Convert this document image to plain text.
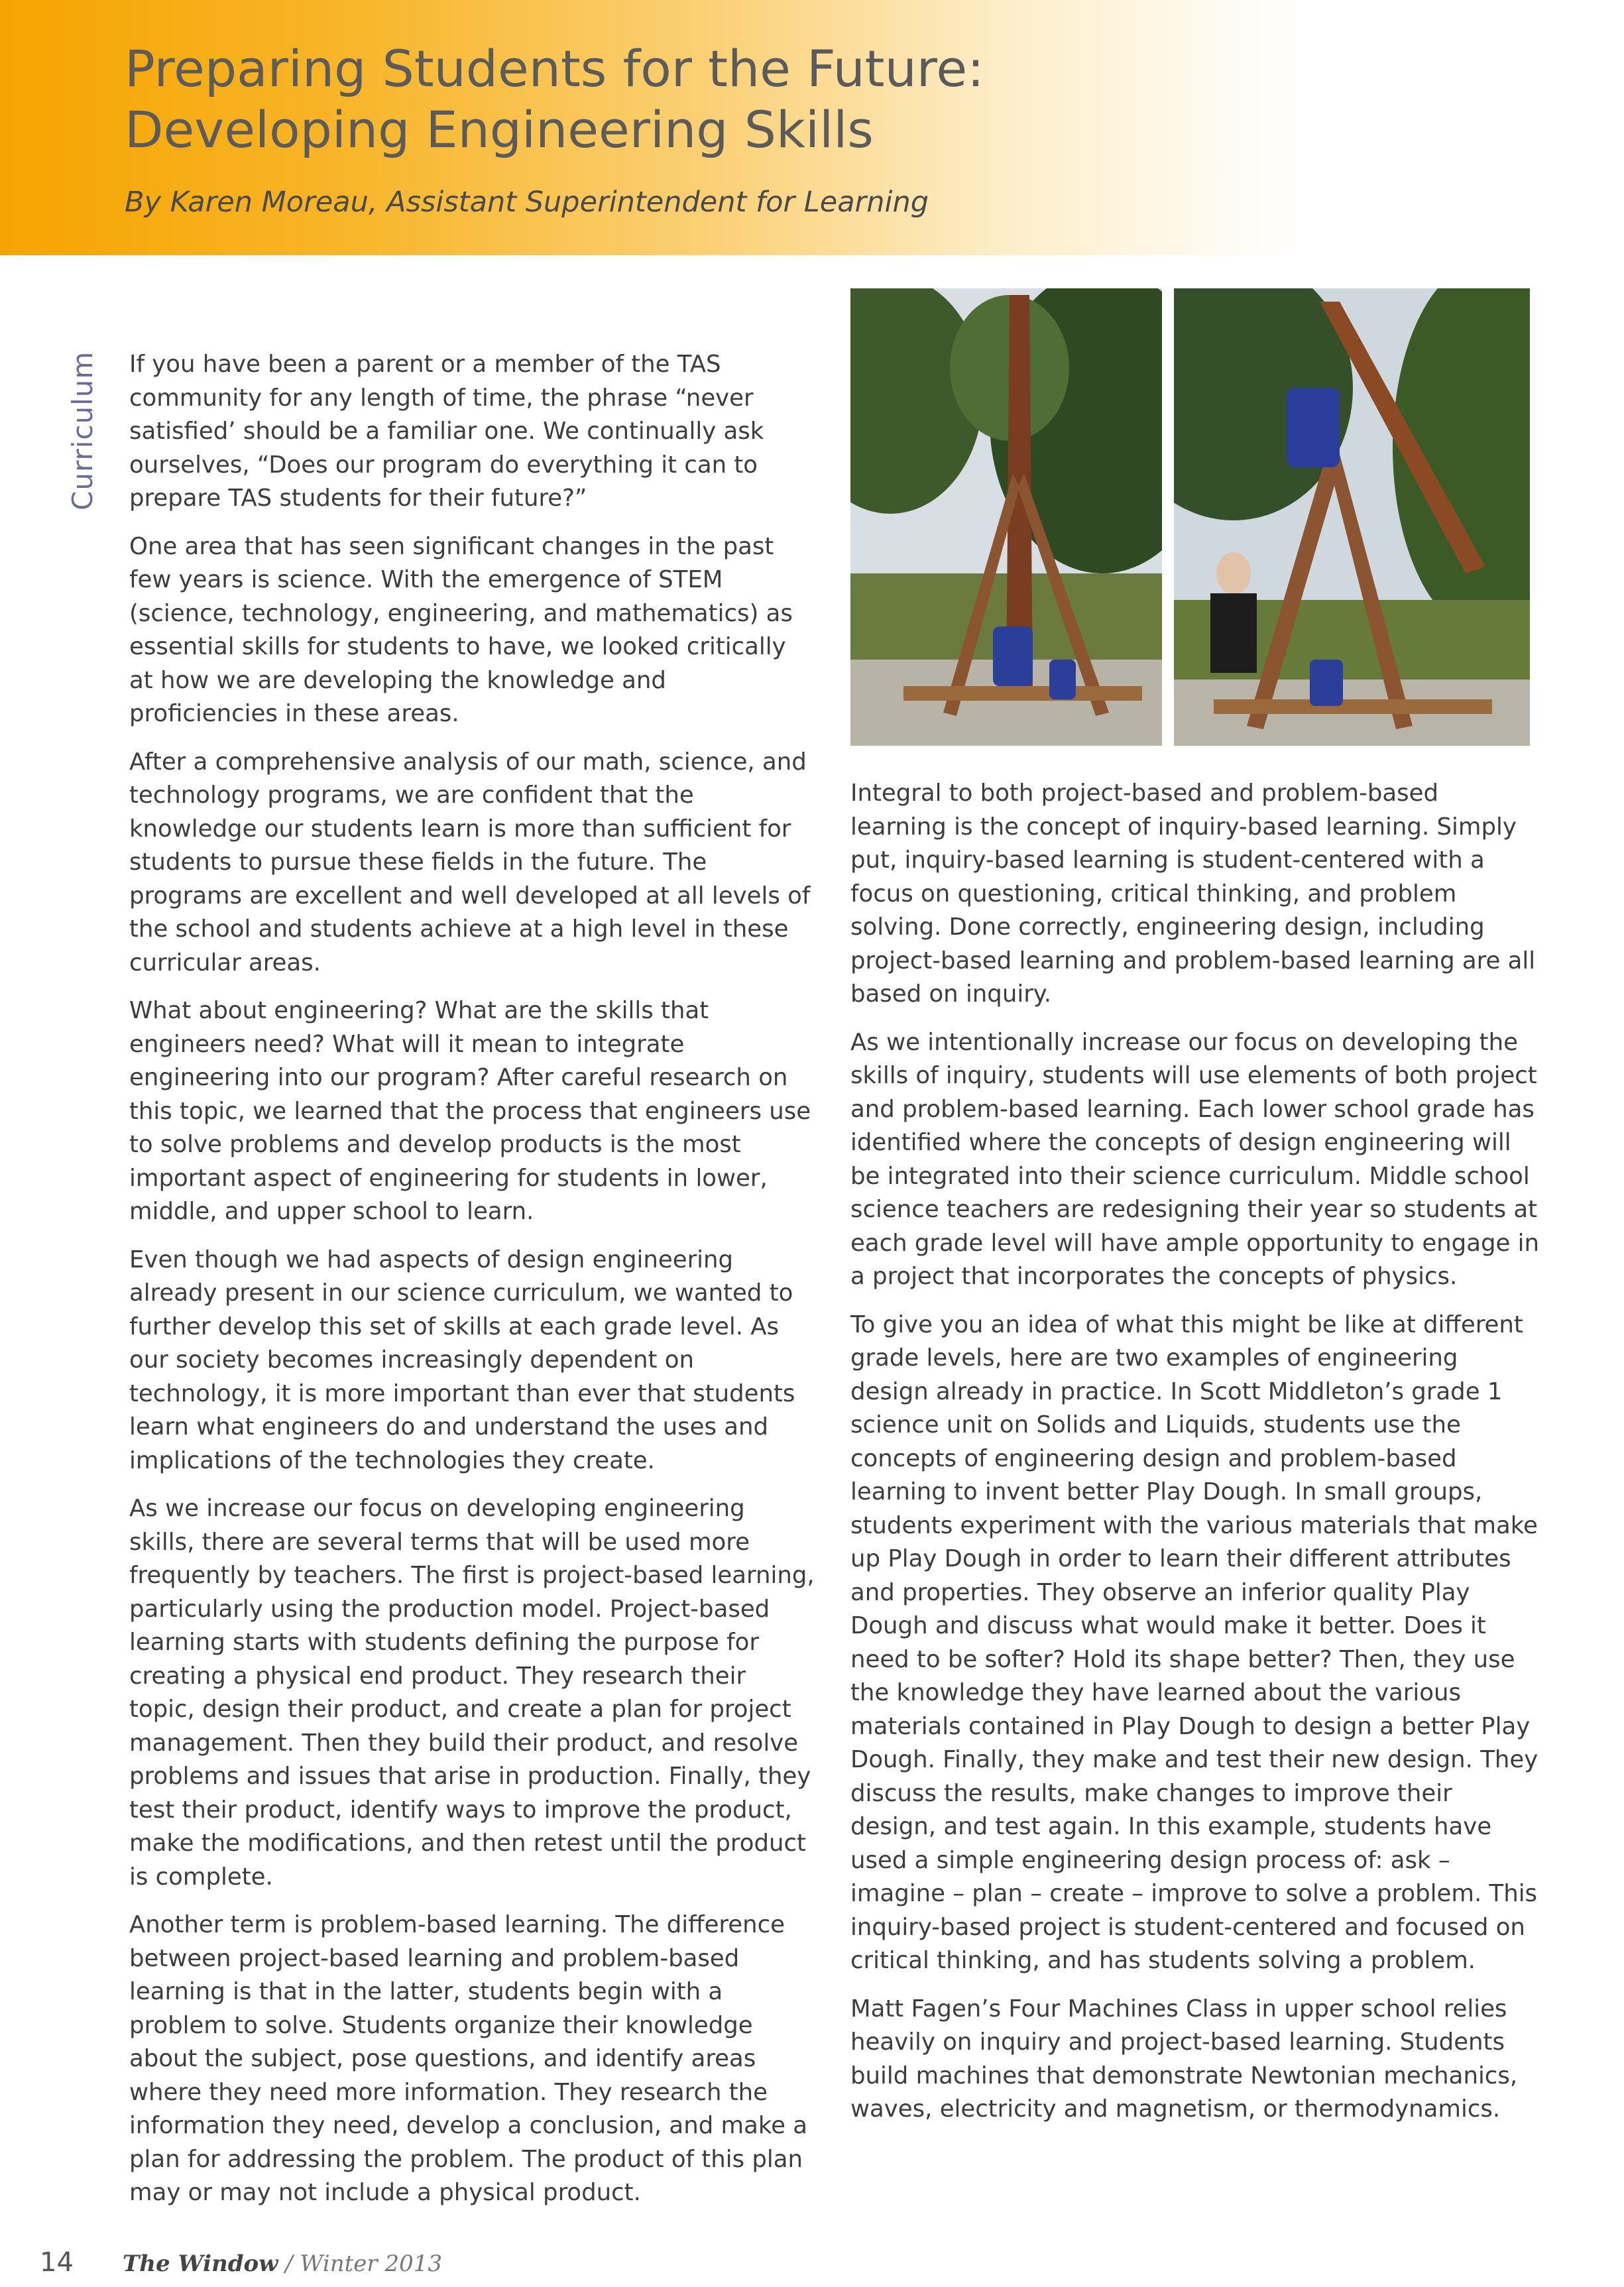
Preparing Students for the Future:
Developing Engineering Skills
By Karen Moreau, Assistant Superintendent for Learning
Curriculum If you have been a parent or a member of the TAS community for any length of time, the phrase “never satisfied’ should be a familiar one. We continually ask ourselves, “Does our program do everything it can to prepare TAS students for their future?”

One area that has seen significant changes in the past few years is science. With the emergence of STEM (science, technology, engineering, and mathematics) as essential skills for students to have, we looked critically at how we are developing the knowledge and proficiencies in these areas.

After a comprehensive analysis of our math, science, and technology programs, we are confident that the knowledge our students learn is more than sufficient for students to pursue these fields in the future. The programs are excellent and well developed at all levels of the school and students achieve at a high level in these curricular areas.

What about engineering? What are the skills that engineers need? What will it mean to integrate engineering into our program? After careful research on this topic, we learned that the process that engineers use to solve problems and develop products is the most important aspect of engineering for students in lower, middle, and upper school to learn.

Even though we had aspects of design engineering already present in our science curriculum, we wanted to further develop this set of skills at each grade level. As our society becomes increasingly dependent on technology, it is more important than ever that students learn what engineers do and understand the uses and implications of the technologies they create.

As we increase our focus on developing engineering skills, there are several terms that will be used more frequently by teachers. The first is project-based learning, particularly using the production model. Project-based learning starts with students defining the purpose for creating a physical end product. They research their topic, design their product, and create a plan for project management. Then they build their product, and resolve problems and issues that arise in production. Finally, they test their product, identify ways to improve the product, make the modifications, and then retest until the product is complete.

Another term is problem-based learning. The difference between project-based learning and problem-based learning is that in the latter, students begin with a problem to solve. Students organize their knowledge about the subject, pose questions, and identify areas where they need more information. They research the information they need, develop a conclusion, and make a plan for addressing the problem. The product of this plan may or may not include a physical product.

Integral to both project-based and problem-based learning is the concept of inquiry-based learning. Simply put, inquiry-based learning is student-centered with a focus on questioning, critical thinking, and problem solving. Done correctly, engineering design, including project-based learning and problem-based learning are all based on inquiry.

As we intentionally increase our focus on developing the skills of inquiry, students will use elements of both project and problem-based learning. Each lower school grade has identified where the concepts of design engineering will be integrated into their science curriculum. Middle school science teachers are redesigning their year so students at each grade level will have ample opportunity to engage in a project that incorporates the concepts of physics.

To give you an idea of what this might be like at different grade levels, here are two examples of engineering design already in practice. In Scott Middleton’s grade 1 science unit on Solids and Liquids, students use the concepts of engineering design and problem-based learning to invent better Play Dough. In small groups, students experiment with the various materials that make up Play Dough in order to learn their different attributes and properties. They observe an inferior quality Play Dough and discuss what would make it better. Does it need to be softer? Hold its shape better? Then, they use the knowledge they have learned about the various materials contained in Play Dough to design a better Play Dough. Finally, they make and test their new design. They discuss the results, make changes to improve their design, and test again. In this example, students have used a simple engineering design process of: ask – imagine – plan – create – improve to solve a problem. This inquiry-based project is student-centered and focused on critical thinking, and has students solving a problem.

Matt Fagen’s Four Machines Class in upper school relies heavily on inquiry and project-based learning. Students build machines that demonstrate Newtonian mechanics, waves, electricity and magnetism, or thermodynamics.

14 The Window / Winter 2013
